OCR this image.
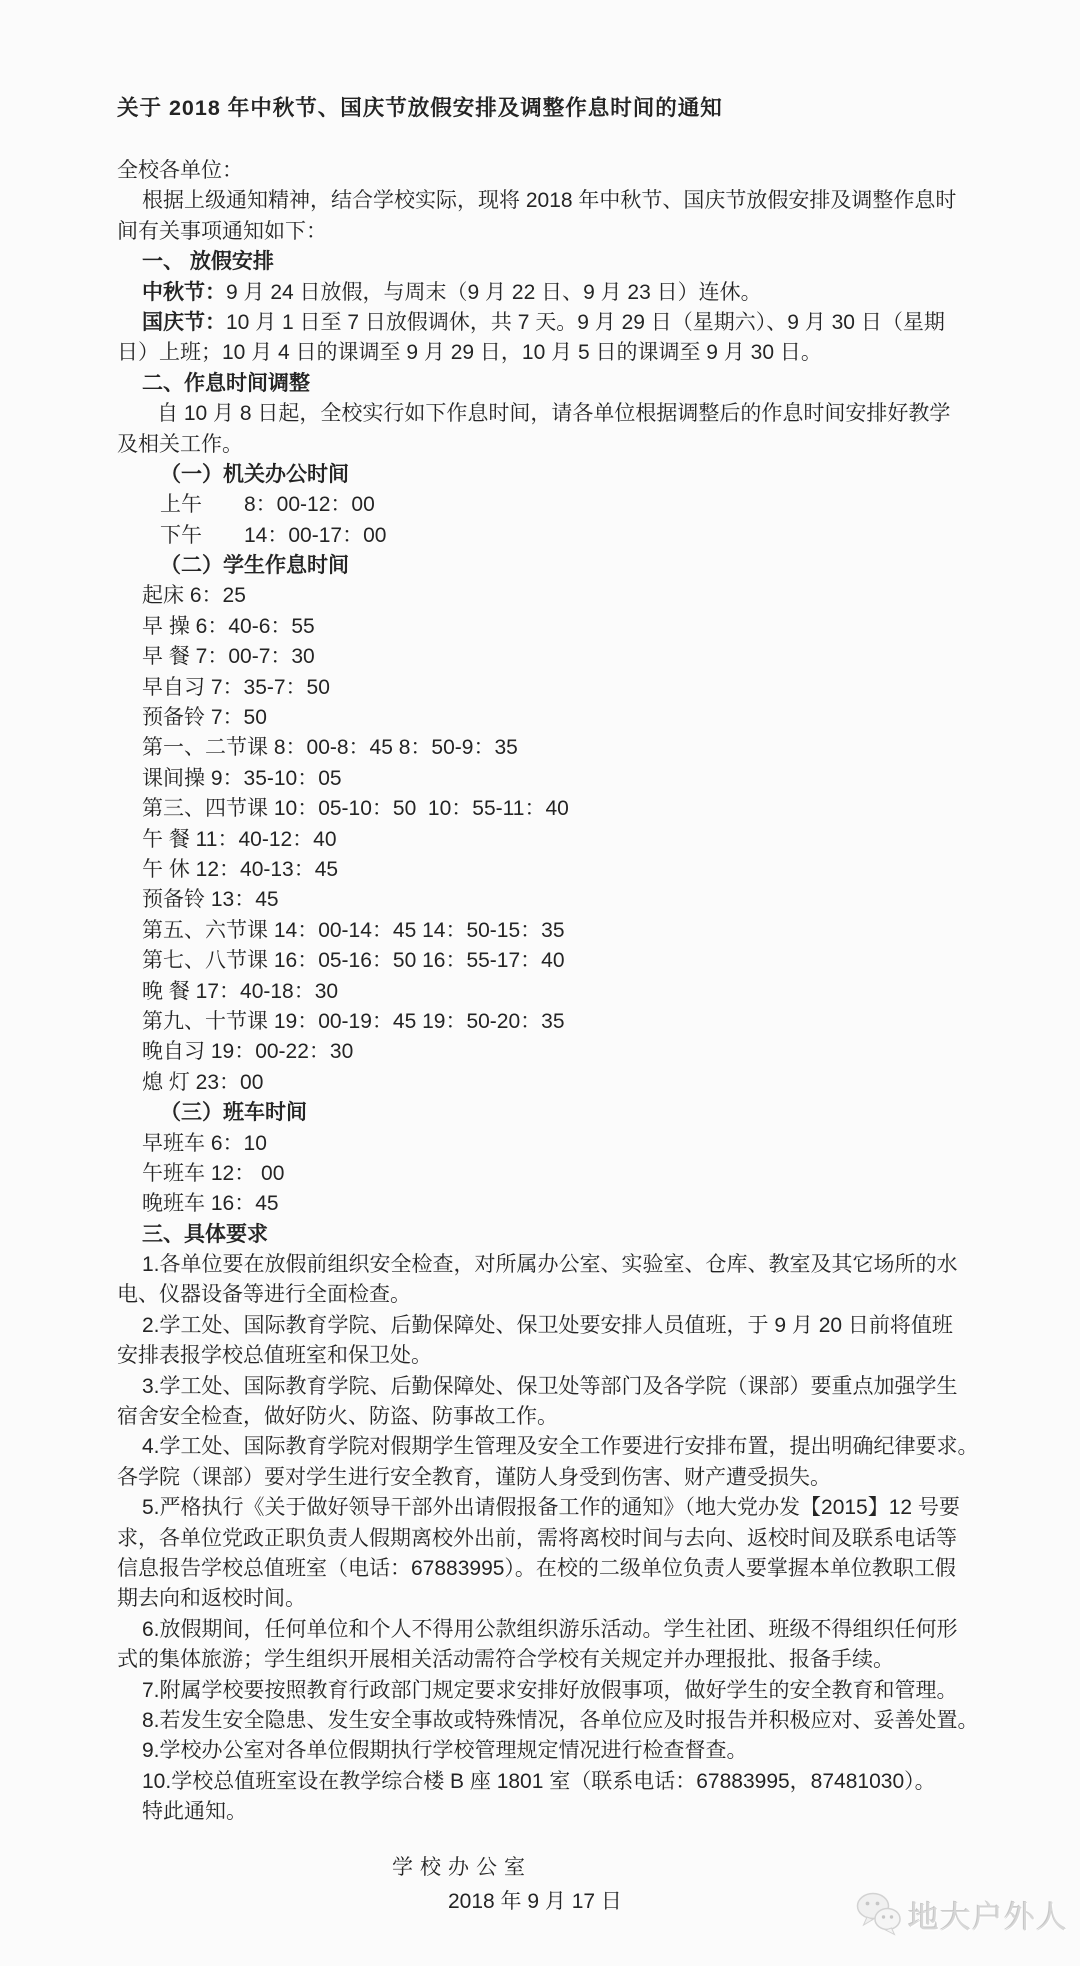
关于 2018 年中秋节、国庆节放假安排及调整作息时间的通知
全校各单位：
根据上级通知精神，结合学校实际，现将 2018 年中秋节、国庆节放假安排及调整作息时
间有关事项通知如下：
一、 放假安排
中秋节：9 月 24 日放假，与周末（9 月 22 日、9 月 23 日）连休。
国庆节：10 月 1 日至 7 日放假调休，共 7 天。9 月 29 日（星期六）、9 月 30 日（星期
日）上班；10 月 4 日的课调至 9 月 29 日，10 月 5 日的课调至 9 月 30 日。
二、作息时间调整
自 10 月 8 日起，全校实行如下作息时间，请各单位根据调整后的作息时间安排好教学
及相关工作。
（一）机关办公时间
上午　　8：00-12：00
下午　　14：00-17：00
（二）学生作息时间
起床 6：25
早 操 6：40-6：55
早 餐 7：00-7：30
早自习 7：35-7：50
预备铃 7：50
第一、二节课 8：00-8：45 8：50-9：35
课间操 9：35-10：05
第三、四节课 10：05-10：50  10：55-11：40
午 餐 11：40-12：40
午 休 12：40-13：45
预备铃 13：45
第五、六节课 14：00-14：45 14：50-15：35
第七、八节课 16：05-16：50 16：55-17：40
晚 餐 17：40-18：30
第九、十节课 19：00-19：45 19：50-20：35
晚自习 19：00-22：30
熄 灯 23：00
（三）班车时间
早班车 6：10
午班车 12： 00
晚班车 16：45
三、具体要求
1.各单位要在放假前组织安全检查，对所属办公室、实验室、仓库、教室及其它场所的水
电、仪器设备等进行全面检查。
2.学工处、国际教育学院、后勤保障处、保卫处要安排人员值班，于 9 月 20 日前将值班
安排表报学校总值班室和保卫处。
3.学工处、国际教育学院、后勤保障处、保卫处等部门及各学院（课部）要重点加强学生
宿舍安全检查，做好防火、防盗、防事故工作。
4.学工处、国际教育学院对假期学生管理及安全工作要进行安排布置，提出明确纪律要求。
各学院（课部）要对学生进行安全教育，谨防人身受到伤害、财产遭受损失。
5.严格执行《关于做好领导干部外出请假报备工作的通知》（地大党办发【2015】12 号要
求，各单位党政正职负责人假期离校外出前，需将离校时间与去向、返校时间及联系电话等
信息报告学校总值班室（电话：67883995）。在校的二级单位负责人要掌握本单位教职工假
期去向和返校时间。
6.放假期间，任何单位和个人不得用公款组织游乐活动。学生社团、班级不得组织任何形
式的集体旅游；学生组织开展相关活动需符合学校有关规定并办理报批、报备手续。
7.附属学校要按照教育行政部门规定要求安排好放假事项，做好学生的安全教育和管理。
8.若发生安全隐患、发生安全事故或特殊情况，各单位应及时报告并积极应对、妥善处置。
9.学校办公室对各单位假期执行学校管理规定情况进行检查督查。
10.学校总值班室设在教学综合楼 B 座 1801 室（联系电话：67883995，87481030）。
特此通知。
学校办公室
2018 年 9 月 17 日	地大户外人
